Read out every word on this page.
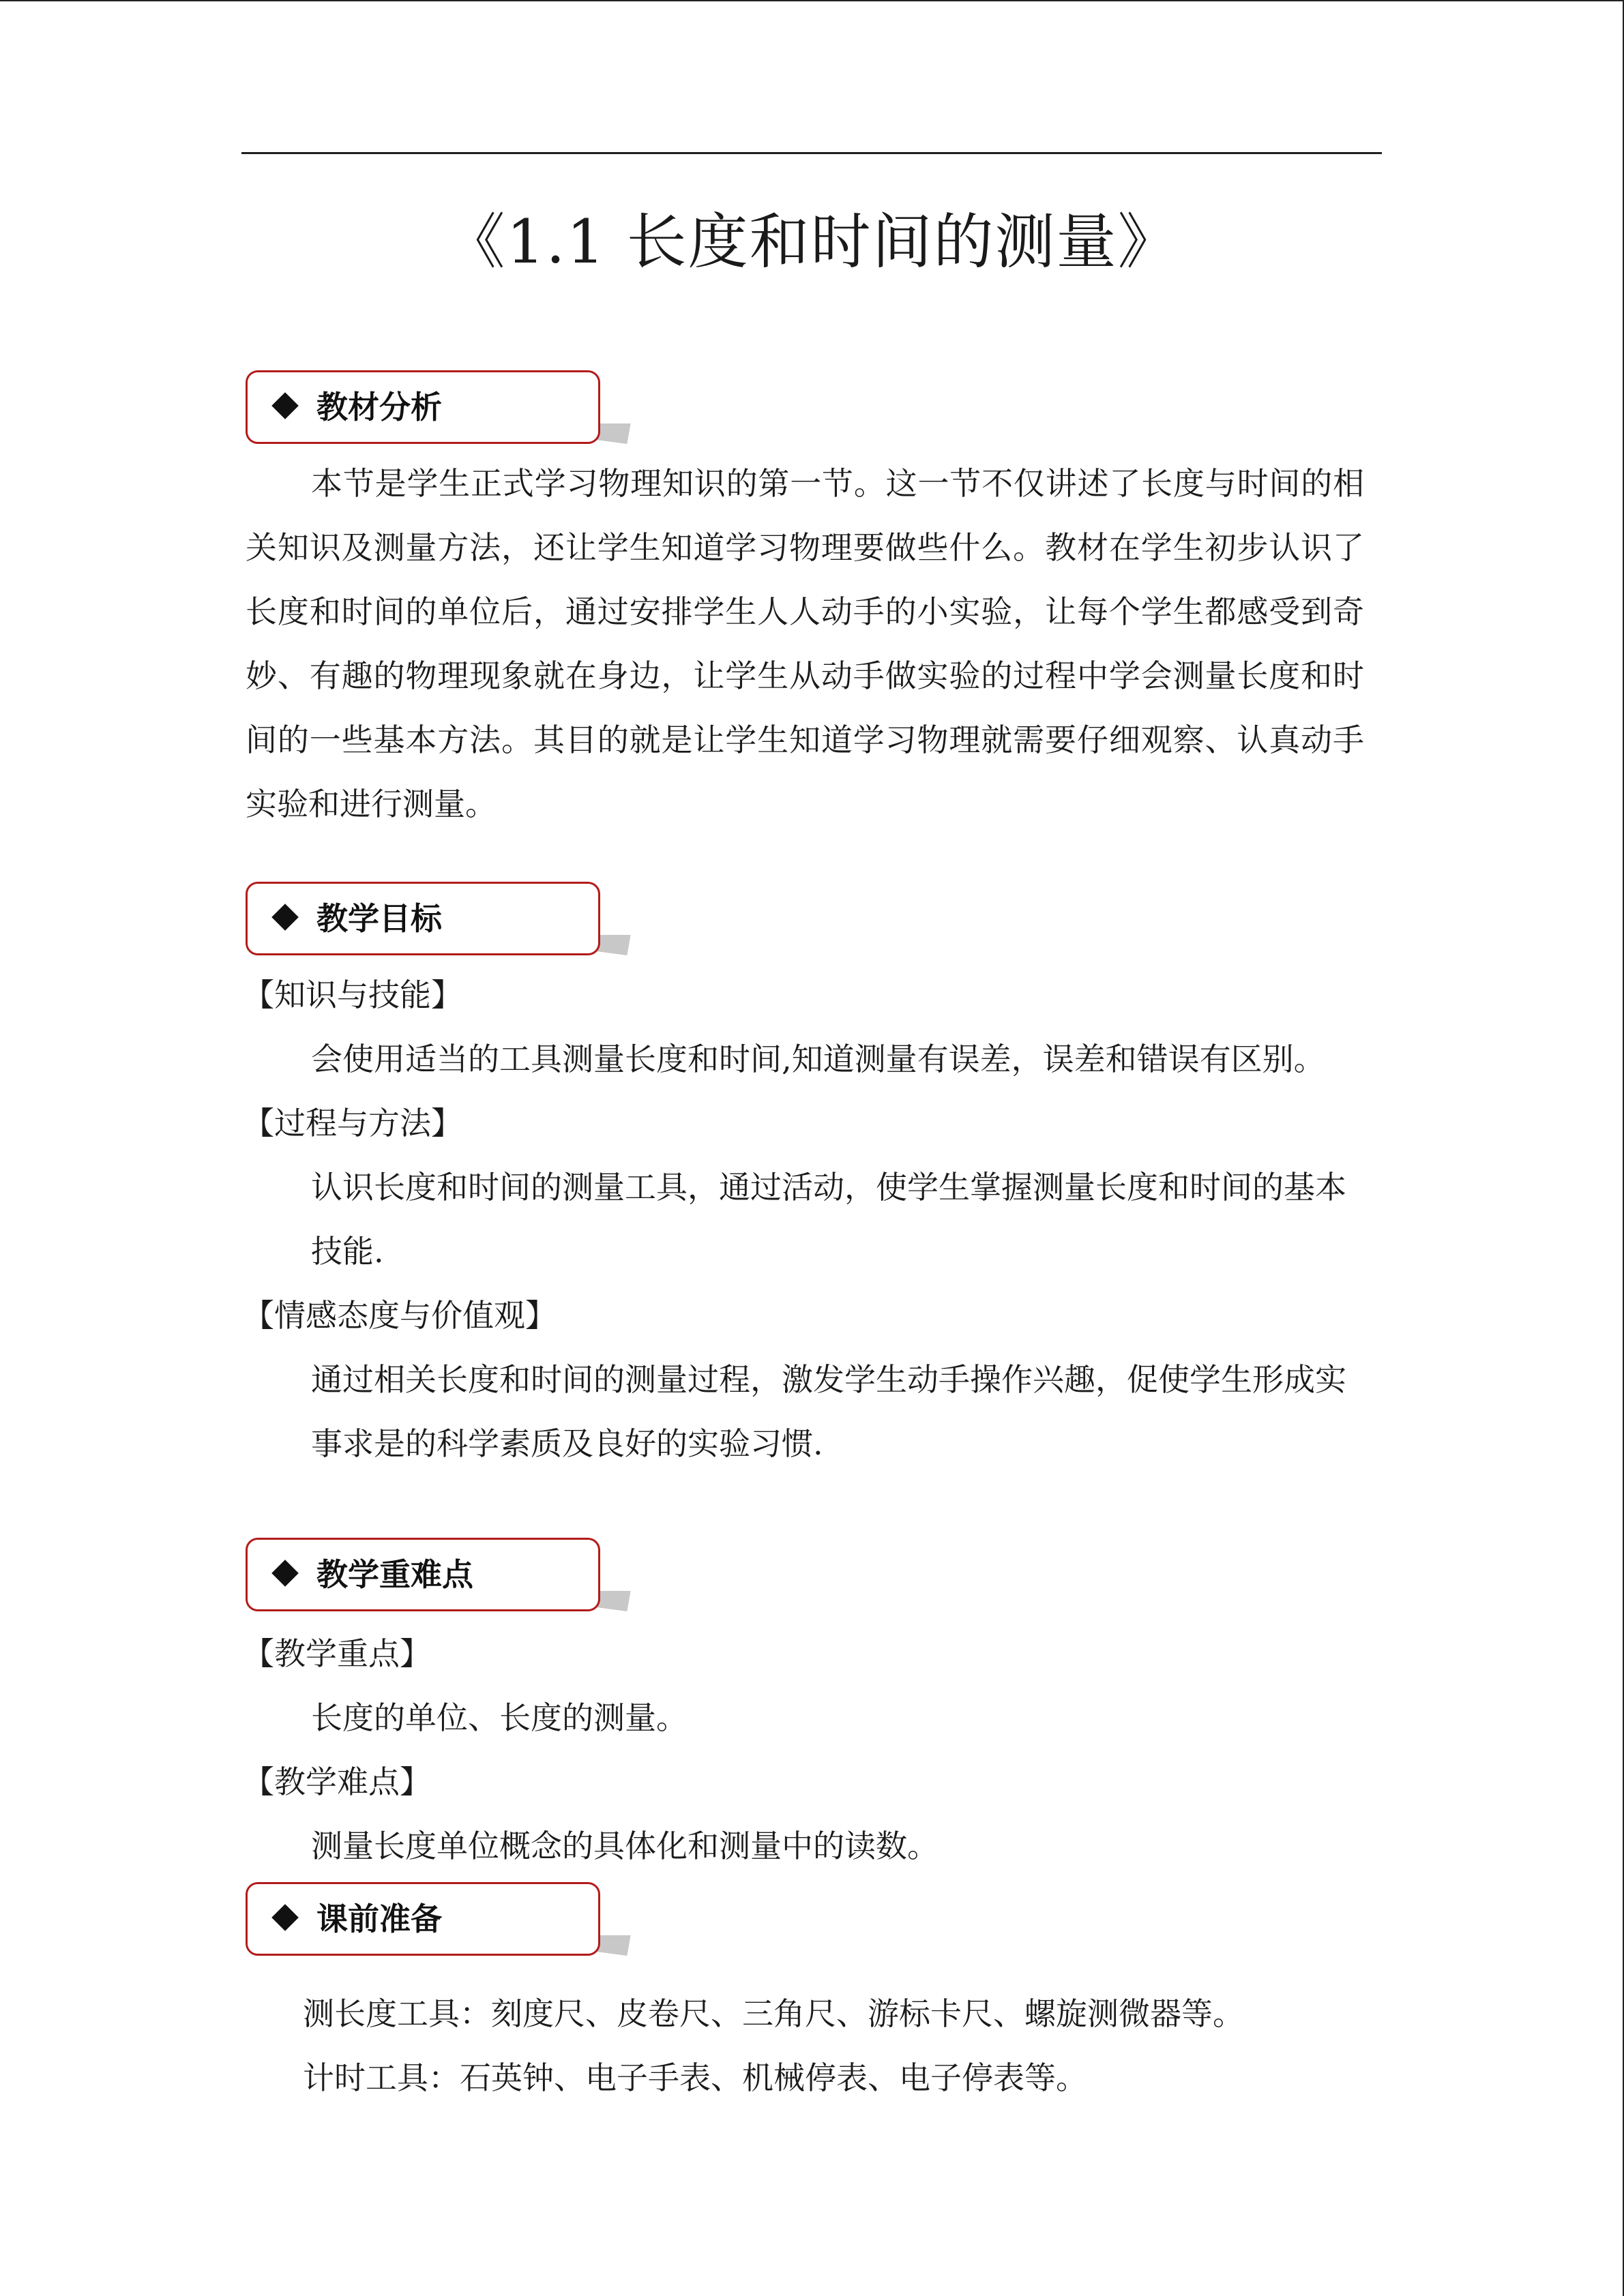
《1.1 长度和时间的测量》
教材分析
本节是学生正式学习物理知识的第一节。这一节不仅讲述了长度与时间的相关知识及测量方法，还让学生知道学习物理要做些什么。教材在学生初步认识了长度和时间的单位后，通过安排学生人人动手的小实验，让每个学生都感受到奇妙、有趣的物理现象就在身边，让学生从动手做实验的过程中学会测量长度和时间的一些基本方法。其目的就是让学生知道学习物理就需要仔细观察、认真动手实验和进行测量。
教学目标
【知识与技能】
会使用适当的工具测量长度和时间,知道测量有误差，误差和错误有区别。
【过程与方法】
认识长度和时间的测量工具，通过活动，使学生掌握测量长度和时间的基本技能.
【情感态度与价值观】
通过相关长度和时间的测量过程，激发学生动手操作兴趣，促使学生形成实事求是的科学素质及良好的实验习惯.
教学重难点
【教学重点】
长度的单位、长度的测量。
【教学难点】
测量长度单位概念的具体化和测量中的读数。
课前准备
测长度工具：刻度尺、皮卷尺、三角尺、游标卡尺、螺旋测微器等。
计时工具：石英钟、电子手表、机械停表、电子停表等。
